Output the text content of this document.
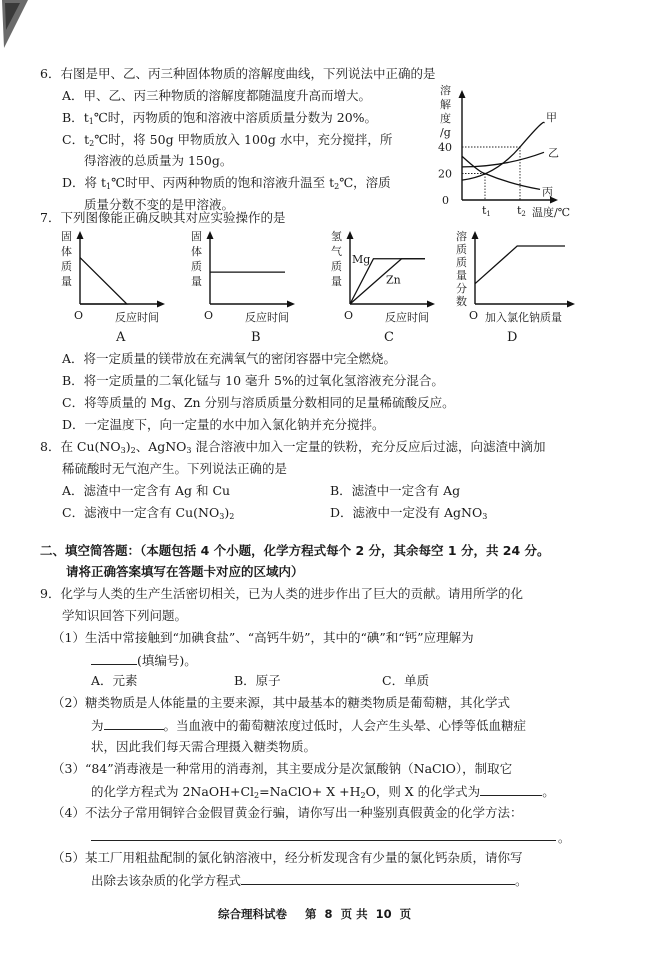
6．右图是甲、乙、丙三种固体物质的溶解度曲线，下列说法中正确的是
A．甲、乙、丙三种物质的溶解度都随温度升高而增大。
B．$t_1℃$时，丙物质的饱和溶液中溶质质量分数为 20%。
C．$t_2℃$时，将 50g 甲物质放入 100g 水中，充分搅拌，所
得溶液的总质量为 150g。
D．将 $t_1℃$时甲、丙两种物质的饱和溶液升温至 $t_2℃$，溶质
质量分数不变的是甲溶液。
溶
解
度
/g
0
20
40
t1 t2 温度/℃
甲
乙
丙
7．下列图像能正确反映其对应实验操作的是
固
体
质
量
O	反应时间
固
体
质
量
O	反应时间
氢
气
质
量
O	反应时间
Mg
Zn
溶
质
质
量
分
数
O 加入氯化钠质量
A	B	C	D
A．将一定质量的镁带放在充满氧气的密闭容器中完全燃烧。
B．将一定质量的二氧化锰与 10 毫升 5%的过氧化氢溶液充分混合。
C．将等质量的 Mg、Zn 分别与溶质质量分数相同的足量稀硫酸反应。
D．一定温度下，向一定量的水中加入氯化钠并充分搅拌。
8．在 $Cu(NO_3)_2$、AgNO$_3$ 混合溶液中加入一定量的铁粉，充分反应后过滤，向滤渣中滴加
稀硫酸时无气泡产生。下列说法正确的是
A．滤渣中一定含有 Ag 和 Cu	B．滤渣中一定含有 Ag
C．滤液中一定含有 $Cu(NO_3)_2$	D．滤液中一定没有 AgNO$_3$
二、填空简答题：（本题包括 4 个小题，化学方程式每个 2 分，其余每空 1 分，共 24 分。
请将正确答案填写在答题卡对应的区域内）
9．化学与人类的生产生活密切相关，已为人类的进步作出了巨大的贡献。请用所学的化
学知识回答下列问题。
（1）生活中常接触到“加碘食盐”、“高钙牛奶”，其中的“碘”和“钙”应理解为
(填编号)。
A．元素	B．原子	C．单质
（2）糖类物质是人体能量的主要来源，其中最基本的糖类物质是葡萄糖，其化学式
为	。当血液中的葡萄糖浓度过低时，人会产生头晕、心悸等低血糖症
状，因此我们每天需合理摄入糖类物质。
（3）“84”消毒液是一种常用的消毒剂，其主要成分是次氯酸钠（NaClO），制取它
的化学方程式为 $2NaOH+Cl_2=NaClO+ X +H_2O$，则 X 的化学式为	。
（4）不法分子常用铜锌合金假冒黄金行骗，请你写出一种鉴别真假黄金的化学方法：
。
（5）某工厂用粗盐配制的氯化钠溶液中，经分析发现含有少量的氯化钙杂质，请你写
出除去该杂质的化学方程式	。
综合理科试卷 第 8 页 共 10 页
